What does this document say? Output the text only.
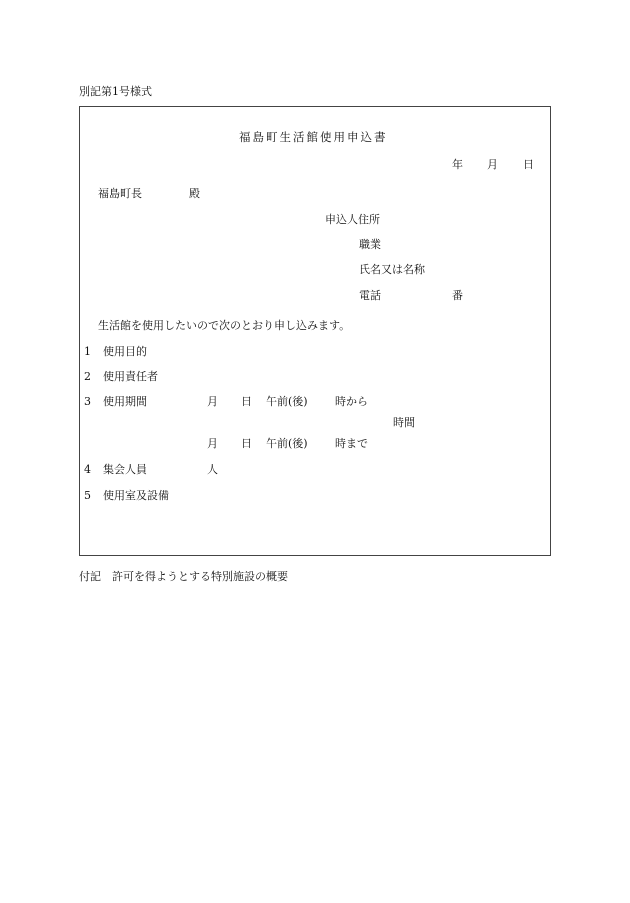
別記第1号様式
福島町生活館使用申込書
年 月 日
福島町長	殿
申込人住所
職業
氏名又は名称
電話	番
生活館を使用したいので次のとおり申し込みます。
1 使用目的
2 使用責任者
3 使用期間	月 日 午前(後) 時から
時間
月 日 午前(後) 時まで
4 集会人員	人
5 使用室及設備
付記　許可を得ようとする特別施設の概要
